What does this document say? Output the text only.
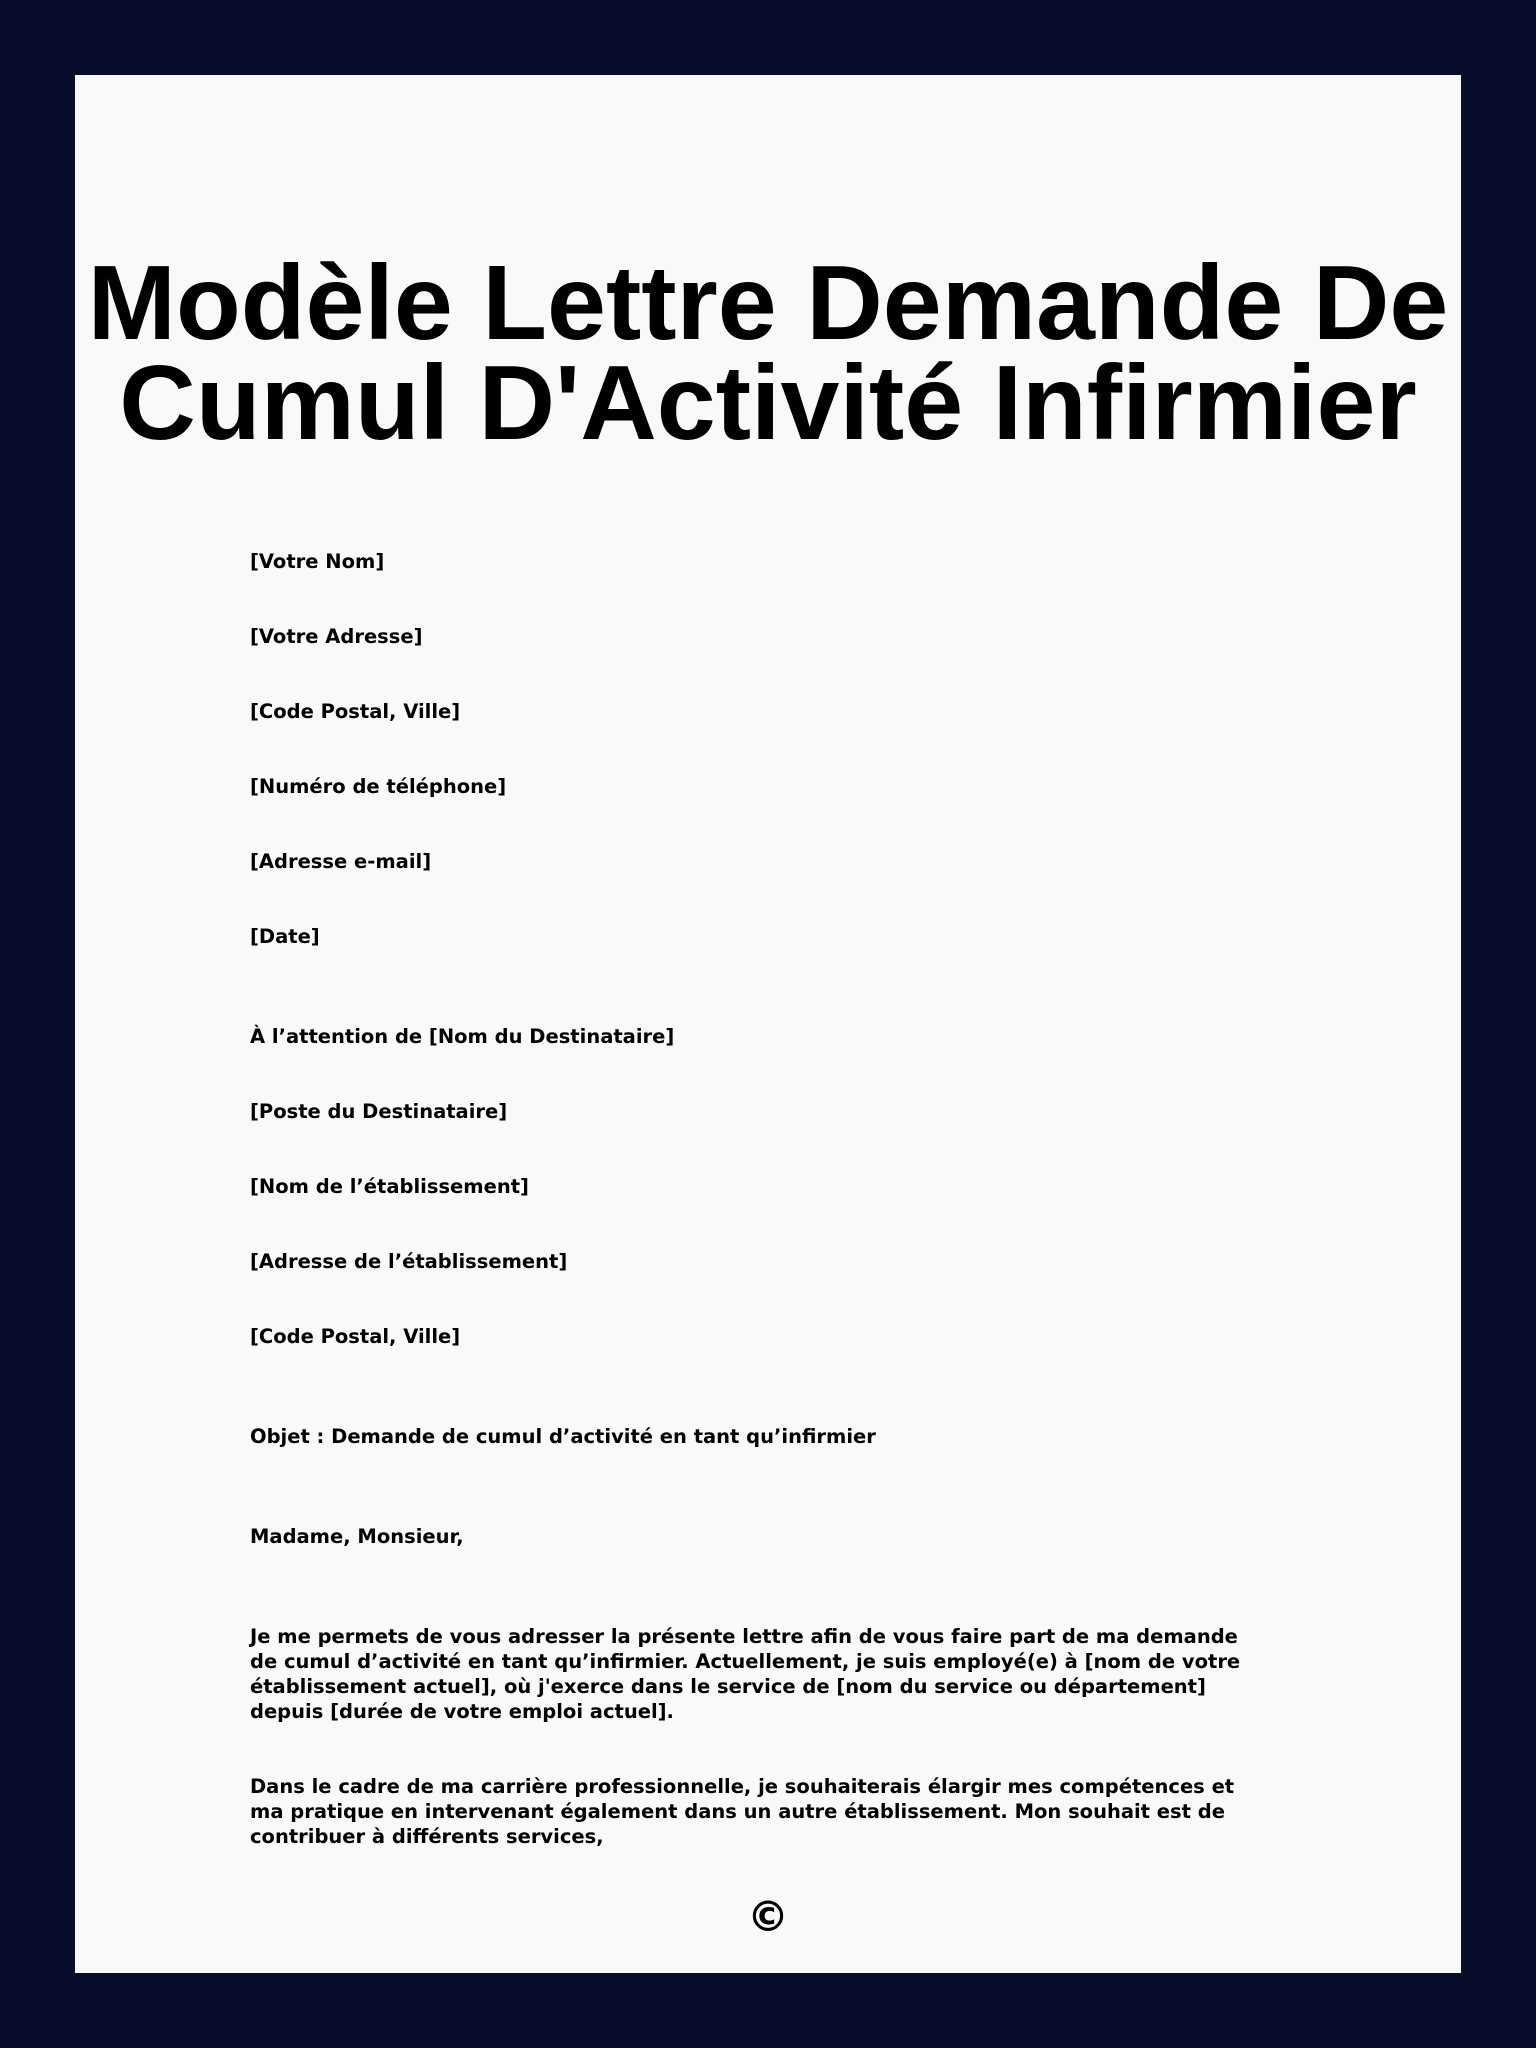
Modèle Lettre Demande De Cumul D'Activité Infirmier
[Votre Nom]
[Votre Adresse]
[Code Postal, Ville]
[Numéro de téléphone]
[Adresse e-mail]
[Date]
À l’attention de [Nom du Destinataire]
[Poste du Destinataire]
[Nom de l’établissement]
[Adresse de l’établissement]
[Code Postal, Ville]
Objet : Demande de cumul d’activité en tant qu’infirmier
Madame, Monsieur,
Je me permets de vous adresser la présente lettre afin de vous faire part de ma demande de cumul d’activité en tant qu’infirmier. Actuellement, je suis employé(e) à [nom de votre établissement actuel], où j'exerce dans le service de [nom du service ou département] depuis [durée de votre emploi actuel].
Dans le cadre de ma carrière professionnelle, je souhaiterais élargir mes compétences et ma pratique en intervenant également dans un autre établissement. Mon souhait est de contribuer à différents services,
©
